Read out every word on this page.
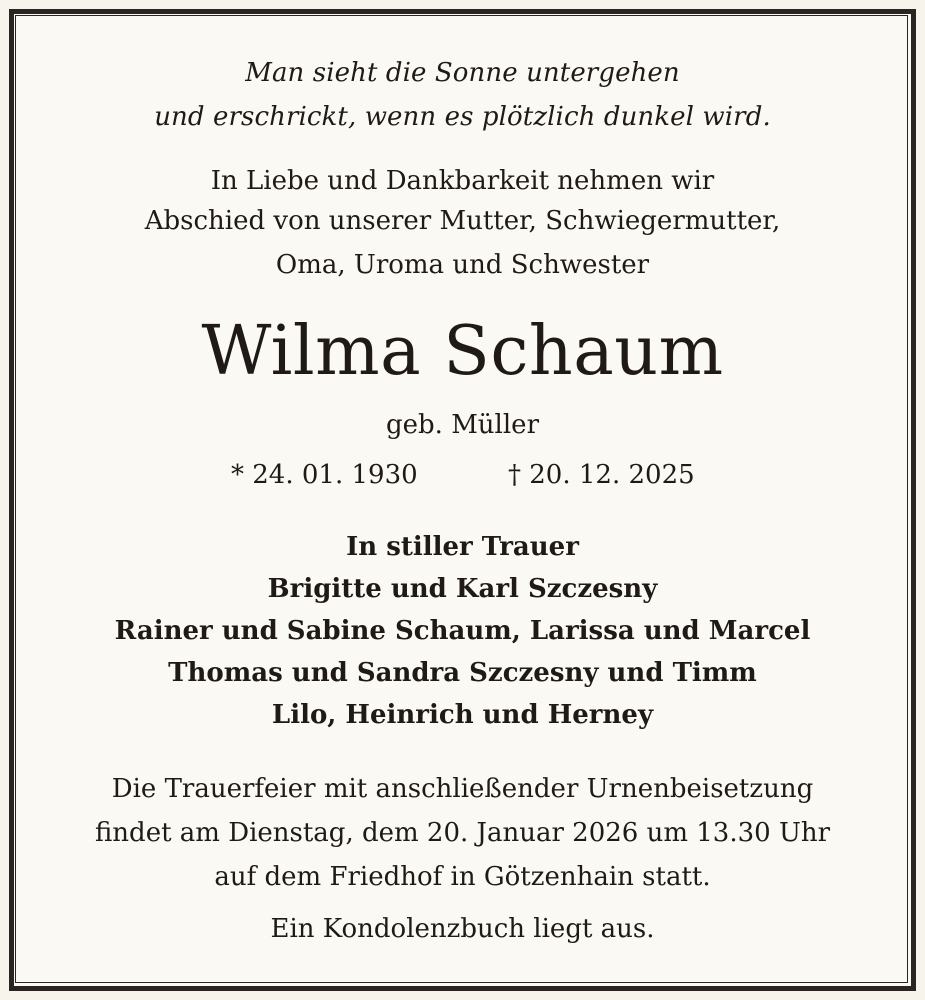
Man sieht die Sonne untergehen
und erschrickt, wenn es plötzlich dunkel wird.
In Liebe und Dankbarkeit nehmen wir
Abschied von unserer Mutter, Schwiegermutter,
Oma, Uroma und Schwester
Wilma Schaum
geb. Müller
* 24. 01. 1930	† 20. 12. 2025
In stiller Trauer
Brigitte und Karl Szczesny
Rainer und Sabine Schaum, Larissa und Marcel
Thomas und Sandra Szczesny und Timm
Lilo, Heinrich und Herney
Die Trauerfeier mit anschließender Urnenbeisetzung
findet am Dienstag, dem 20. Januar 2026 um 13.30 Uhr
auf dem Friedhof in Götzenhain statt.
Ein Kondolenzbuch liegt aus.
